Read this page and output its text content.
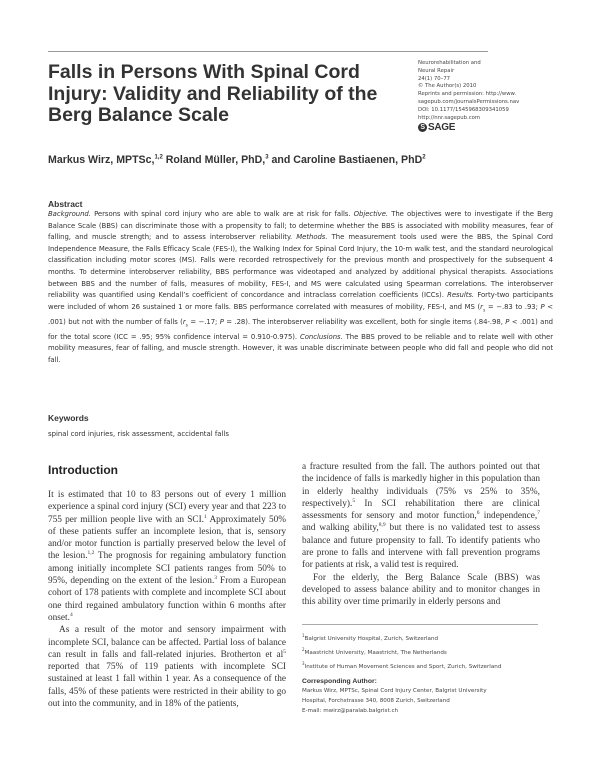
Falls in Persons With Spinal Cord Injury: Validity and Reliability of the Berg Balance Scale
Neurorehabilitation and
Neural Repair
24(1) 70–77
© The Author(s) 2010
Reprints and permission: http://www.
sagepub.com/journalsPermissions.nav
DOI: 10.1177/1545968309341059
http://nnr.sagepub.com
S SAGE
Markus Wirz, MPTSc,$^{1,2}$ Roland Müller, PhD,$^3$ and Caroline Bastiaenen, PhD$^2$
Abstract
Background. Persons with spinal cord injury who are able to walk are at risk for falls. Objective. The objectives were to investigate if the Berg Balance Scale (BBS) can discriminate those with a propensity to fall; to determine whether the BBS is associated with mobility measures, fear of falling, and muscle strength; and to assess interobserver reliability. Methods. The measurement tools used were the BBS, the Spinal Cord Independence Measure, the Falls Efficacy Scale (FES-I), the Walking Index for Spinal Cord Injury, the 10-m walk test, and the standard neurological classification including motor scores (MS). Falls were recorded retrospectively for the previous month and prospectively for the subsequent 4 months. To determine interobserver reliability, BBS performance was videotaped and analyzed by additional physical therapists. Associations between BBS and the number of falls, measures of mobility, FES-I, and MS were calculated using Spearman correlations. The interobserver reliability was quantified using Kendall’s coefficient of concordance and intraclass correlation coefficients (ICCs). Results. Forty-two participants were included of whom 26 sustained 1 or more falls. BBS performance correlated with measures of mobility, FES-I, and MS ($r_s = -.83$ to .93; P < .001) but not with the number of falls ($r_s = -.17$; P = .28). The interobserver reliability was excellent, both for single items (.84-.98, P < .001) and for the total score (ICC = .95; 95% confidence interval = 0.910-0.975). Conclusions. The BBS proved to be reliable and to relate well with other mobility measures, fear of falling, and muscle strength. However, it was unable discriminate between people who did fall and people who did not fall.
Keywords
spinal cord injuries, risk assessment, accidental falls
Introduction

It is estimated that 10 to 83 persons out of every 1 million experience a spinal cord injury (SCI) every year and that 223 to 755 per million people live with an SCI.$^1$ Approximately 50% of these patients suffer an incomplete lesion, that is, sensory and/or motor function is partially preserved below the level of the lesion.$^{1,2}$ The prognosis for regaining ambulatory function among initially incomplete SCI patients ranges from 50% to 95%, depending on the extent of the lesion.$^3$ From a European cohort of 178 patients with complete and incomplete SCI about one third regained ambulatory function within 6 months after onset.$^4$

As a result of the motor and sensory impairment with incomplete SCI, balance can be affected. Partial loss of balance can result in falls and fall-related injuries. Brotherton et $al^5$ reported that 75% of 119 patients with incomplete SCI sustained at least 1 fall within 1 year. As a consequence of the falls, 45% of these patients were restricted in their ability to go out into the community, and in 18% of the patients,

a fracture resulted from the fall. The authors pointed out that the incidence of falls is markedly higher in this population than in elderly healthy individuals (75% vs 25% to 35%, respectively).$^5$ In SCI rehabilitation there are clinical assessments for sensory and motor function,$^6$ independence,$^7$ and walking ability,$^{8,9}$ but there is no validated test to assess balance and future propensity to fall. To identify patients who are prone to falls and intervene with fall prevention programs for patients at risk, a valid test is required.

For the elderly, the Berg Balance Scale (BBS) was developed to assess balance ability and to monitor changes in this ability over time primarily in elderly persons and

$^1$Balgrist University Hospital, Zurich, Switzerland
$^2$Maastricht University, Maastricht, The Netherlands
$^3$Institute of Human Movement Sciences and Sport, Zurich, Switzerland
Corresponding Author:
Markus Wirz, MPTSc, Spinal Cord Injury Center, Balgrist University
Hospital, Forchstrasse 340, 8008 Zurich, Switzerland
E-mail: mwirz@paralab.balgrist.ch
